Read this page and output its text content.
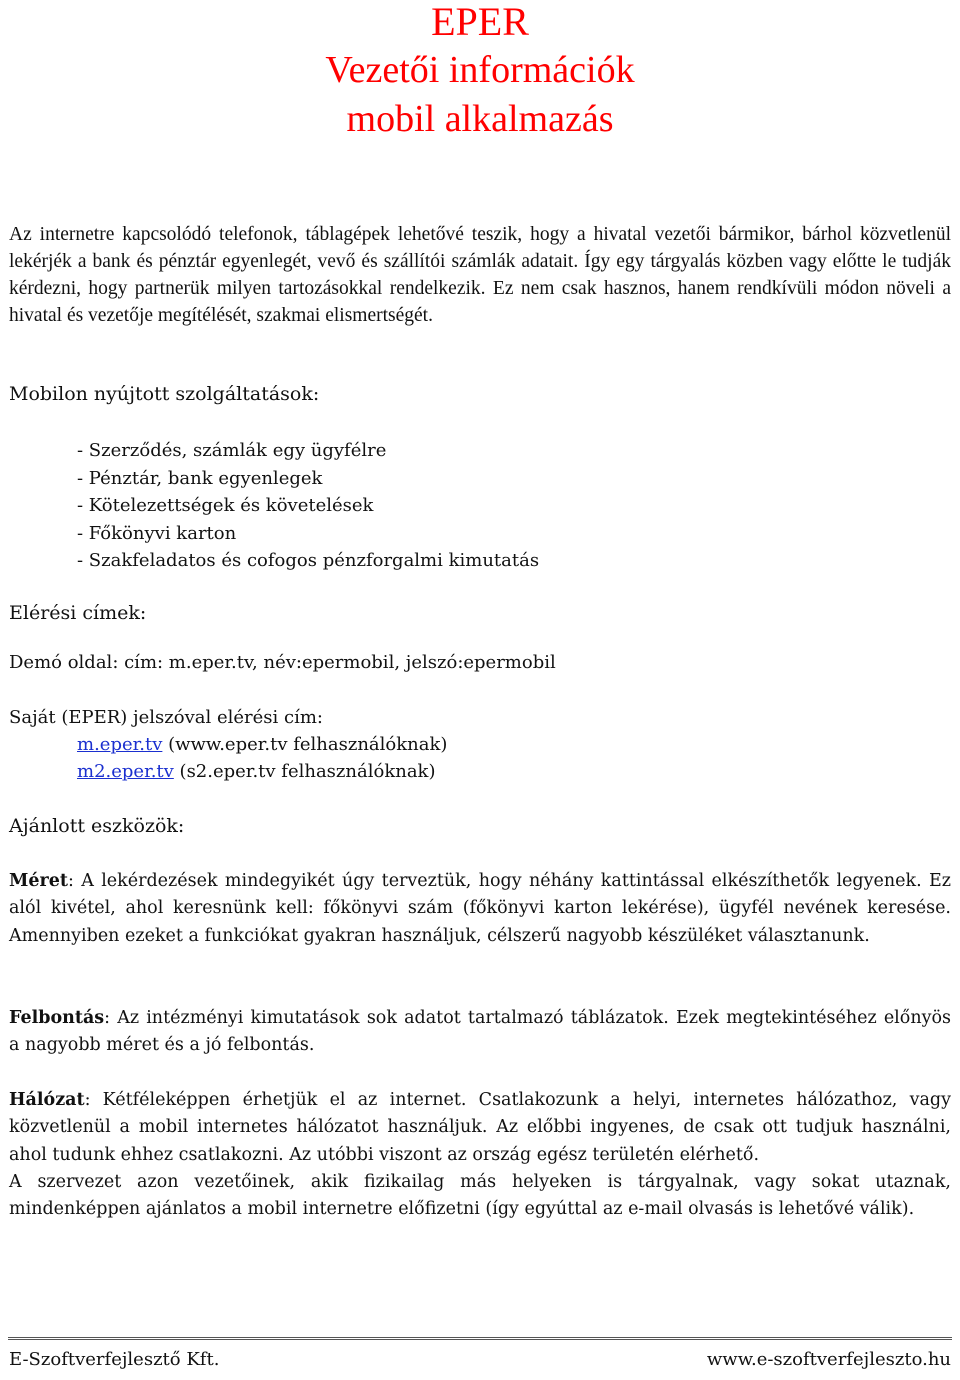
EPER
Vezetői információk
mobil alkalmazás

Az internetre kapcsolódó telefonok, táblagépek lehetővé teszik, hogy a hivatal vezetői bármikor, bárhol közvetlenül lekérjék a bank és pénztár egyenlegét, vevő és szállítói számlák adatait. Így egy tárgyalás közben vagy előtte le tudják kérdezni, hogy partnerük milyen tartozásokkal rendelkezik. Ez nem csak hasznos, hanem rendkívüli módon növeli a hivatal és vezetője megítélését, szakmai elismertségét.

Mobilon nyújtott szolgáltatások:
- Szerződés, számlák egy ügyfélre
- Pénztár, bank egyenlegek
- Kötelezettségek és követelések
- Főkönyvi karton
- Szakfeladatos és cofogos pénzforgalmi kimutatás
Elérési címek:
Demó oldal: cím: m.eper.tv, név:epermobil, jelszó:epermobil
Saját (EPER) jelszóval elérési cím:
m.eper.tv (www.eper.tv felhasználóknak)
m2.eper.tv (s2.eper.tv felhasználóknak)
Ajánlott eszközök:

Méret: A lekérdezések mindegyikét úgy terveztük, hogy néhány kattintással elkészíthetők legyenek. Ez alól kivétel, ahol keresnünk kell: főkönyvi szám (főkönyvi karton lekérése), ügyfél nevének keresése. Amennyiben ezeket a funkciókat gyakran használjuk, célszerű nagyobb készüléket választanunk.

Felbontás: Az intézményi kimutatások sok adatot tartalmazó táblázatok. Ezek megtekintéséhez előnyös a nagyobb méret és a jó felbontás.

Hálózat: Kétféleképpen érhetjük el az internet. Csatlakozunk a helyi, internetes hálózathoz, vagy közvetlenül a mobil internetes hálózatot használjuk. Az előbbi ingyenes, de csak ott tudjuk használni, ahol tudunk ehhez csatlakozni. Az utóbbi viszont az ország egész területén elérhető.

A szervezet azon vezetőinek, akik fizikailag más helyeken is tárgyalnak, vagy sokat utaznak, mindenképpen ajánlatos a mobil internetre előfizetni (így egyúttal az e-mail olvasás is lehetővé válik).

E-Szoftverfejlesztő Kft.	www.e-szoftverfejleszto.hu
